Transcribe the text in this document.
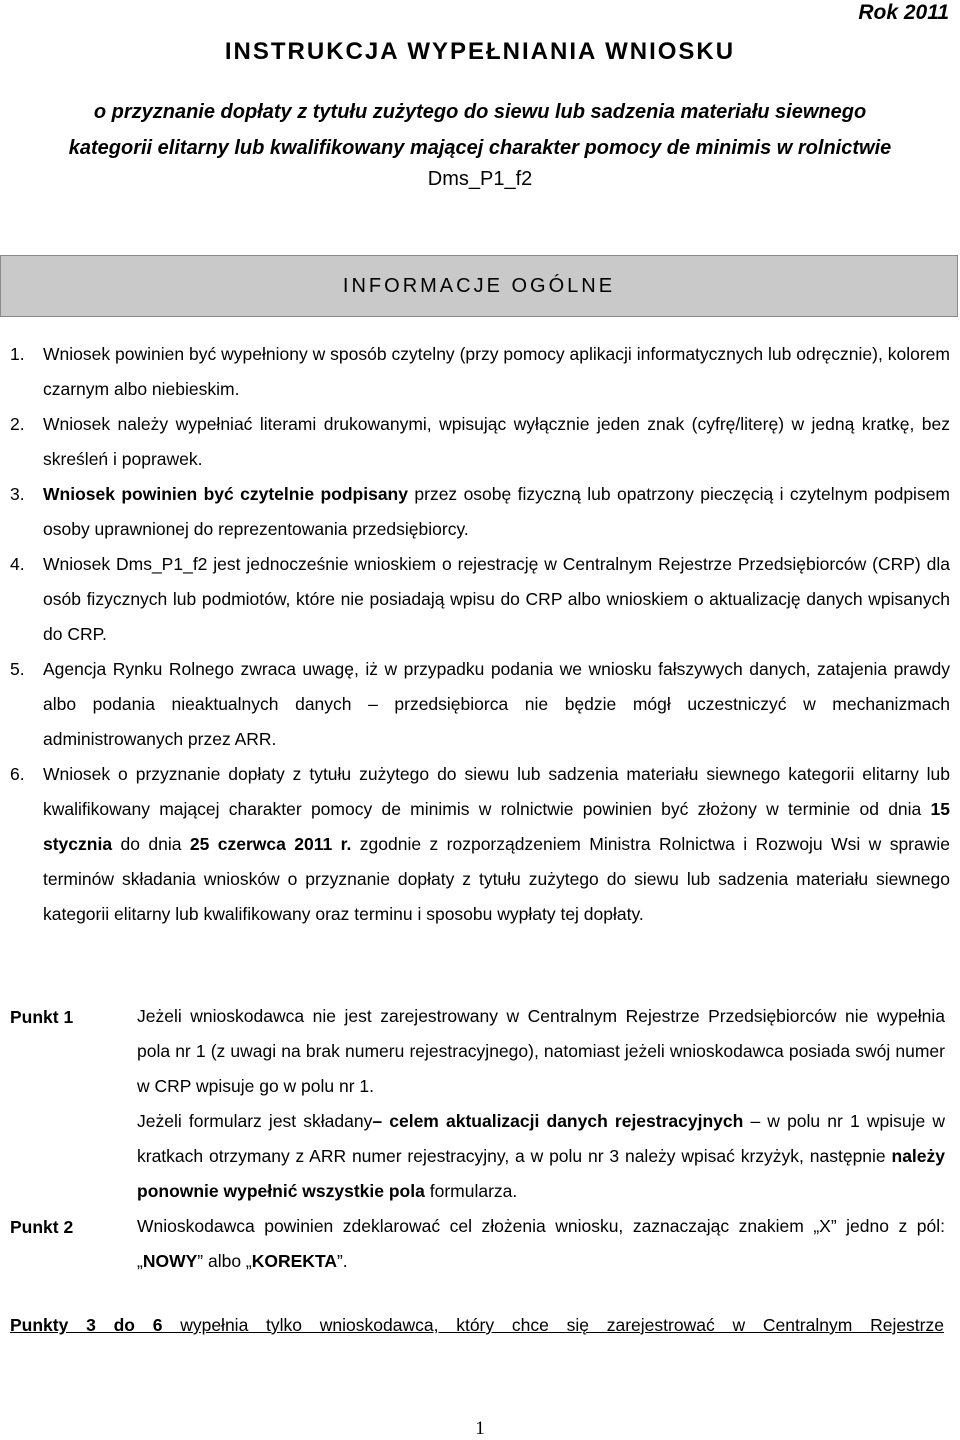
Rok 2011
INSTRUKCJA WYPEŁNIANIA WNIOSKU
o przyznanie dopłaty z tytułu zużytego do siewu lub sadzenia materiału siewnego
kategorii elitarny lub kwalifikowany mającej charakter pomocy de minimis w rolnictwie
Dms_P1_f2
INFORMACJE OGÓLNE
1.	Wniosek powinien być wypełniony w sposób czytelny (przy pomocy aplikacji informatycznych lub odręcznie), kolorem czarnym albo niebieskim.
2.	Wniosek należy wypełniać literami drukowanymi, wpisując wyłącznie jeden znak (cyfrę/literę) w jedną kratkę, bez skreśleń i poprawek.
3.	Wniosek powinien być czytelnie podpisany przez osobę fizyczną lub opatrzony pieczęcią i czytelnym podpisem osoby uprawnionej do reprezentowania przedsiębiorcy.
4.	Wniosek Dms_P1_f2 jest jednocześnie wnioskiem o rejestrację w Centralnym Rejestrze Przedsiębiorców (CRP) dla osób fizycznych lub podmiotów, które nie posiadają wpisu do CRP albo wnioskiem o aktualizację danych wpisanych do CRP.
5.	Agencja Rynku Rolnego zwraca uwagę, iż w przypadku podania we wniosku fałszywych danych, zatajenia prawdy albo podania nieaktualnych danych – przedsiębiorca nie będzie mógł uczestniczyć w mechanizmach administrowanych przez ARR.
6.	Wniosek o przyznanie dopłaty z tytułu zużytego do siewu lub sadzenia materiału siewnego kategorii elitarny lub kwalifikowany mającej charakter pomocy de minimis w rolnictwie powinien być złożony w terminie od dnia 15 stycznia do dnia 25 czerwca 2011 r. zgodnie z rozporządzeniem Ministra Rolnictwa i Rozwoju Wsi w sprawie terminów składania wniosków o przyznanie dopłaty z tytułu zużytego do siewu lub sadzenia materiału siewnego kategorii elitarny lub kwalifikowany oraz terminu i sposobu wypłaty tej dopłaty.
Punkt 1	Jeżeli wnioskodawca nie jest zarejestrowany w Centralnym Rejestrze Przedsiębiorców nie wypełnia pola nr 1 (z uwagi na brak numeru rejestracyjnego), natomiast jeżeli wnioskodawca posiada swój numer w CRP wpisuje go w polu nr 1.
Jeżeli formularz jest składany– celem aktualizacji danych rejestracyjnych – w polu nr 1 wpisuje w kratkach otrzymany z ARR numer rejestracyjny, a w polu nr 3 należy wpisać krzyżyk, następnie należy ponownie wypełnić wszystkie pola formularza.
Punkt 2	Wnioskodawca powinien zdeklarować cel złożenia wniosku, zaznaczając znakiem „X” jedno z pól: „NOWY” albo „KOREKTA”.
Punkty 3 do 6 wypełnia tylko wnioskodawca, który chce się zarejestrować w Centralnym Rejestrze
1
